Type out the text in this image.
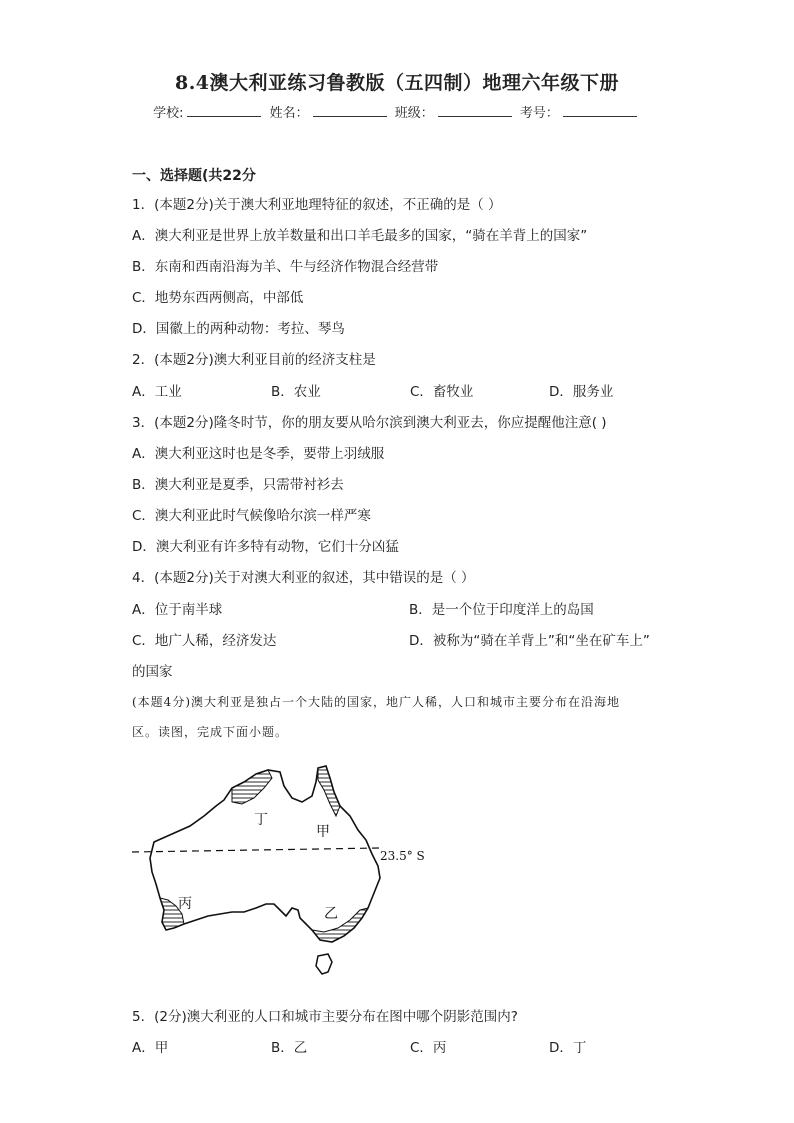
8.4澳大利亚练习鲁教版（五四制）地理六年级下册
学校:	姓名：	班级：	考号：
一、选择题(共22分
1．(本题2分)关于澳大利亚地理特征的叙述，不正确的是（ ）
A．澳大利亚是世界上放羊数量和出口羊毛最多的国家，“骑在羊背上的国家”
B．东南和西南沿海为羊、牛与经济作物混合经营带
C．地势东西两侧高，中部低
D．国徽上的两种动物：考拉、琴鸟
2．(本题2分)澳大利亚目前的经济支柱是
A．工业	B．农业	C．畜牧业	D．服务业
3．(本题2分)隆冬时节，你的朋友要从哈尔滨到澳大利亚去，你应提醒他注意( )
A．澳大利亚这时也是冬季，要带上羽绒服
B．澳大利亚是夏季，只需带衬衫去
C．澳大利亚此时气候像哈尔滨一样严寒
D．澳大利亚有许多特有动物，它们十分凶猛
4．(本题2分)关于对澳大利亚的叙述，其中错误的是（ ）
A．位于南半球	B．是一个位于印度洋上的岛国
C．地广人稀，经济发达	D．被称为“骑在羊背上”和“坐在矿车上”
的国家
(本题4分)澳大利亚是独占一个大陆的国家，地广人稀，人口和城市主要分布在沿海地
区。读图，完成下面小题。
丁
甲
丙
乙
23.5° S
5．(2分)澳大利亚的人口和城市主要分布在图中哪个阴影范围内?
A．甲	B．乙	C．丙	D．丁
